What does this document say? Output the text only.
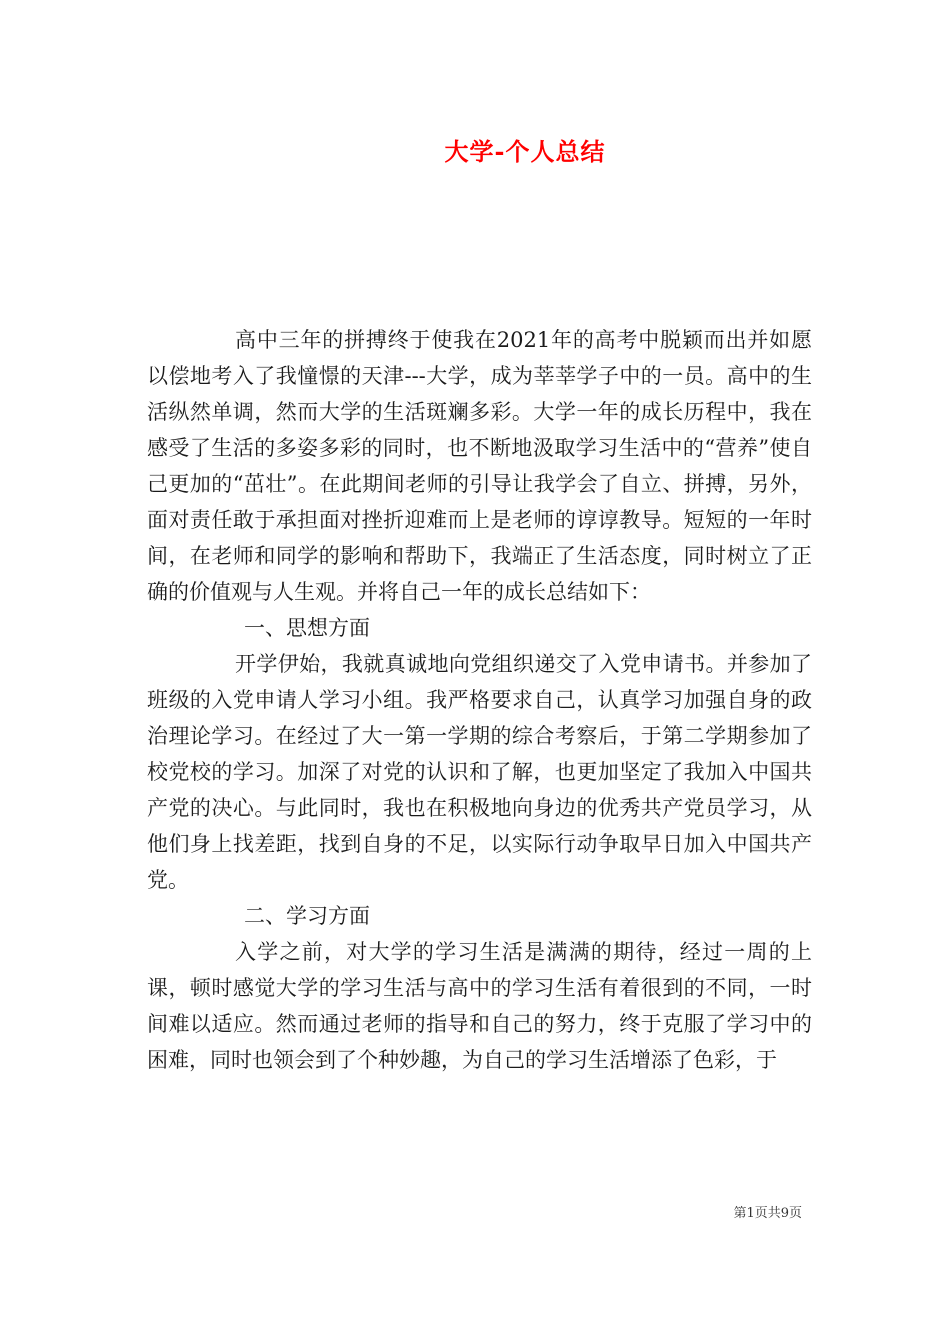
大学-个人总结

高中三年的拼搏终于使我在2021年的高考中脱颖而出并如愿以偿地考入了我憧憬的天津---大学，成为莘莘学子中的一员。高中的生活纵然单调，然而大学的生活斑斓多彩。大学一年的成长历程中，我在感受了生活的多姿多彩的同时，也不断地汲取学习生活中的“营养”使自己更加的“茁壮”。在此期间老师的引导让我学会了自立、拼搏，另外，面对责任敢于承担面对挫折迎难而上是老师的谆谆教导。短短的一年时间，在老师和同学的影响和帮助下，我端正了生活态度，同时树立了正确的价值观与人生观。并将自己一年的成长总结如下：

一、思想方面

开学伊始，我就真诚地向党组织递交了入党申请书。并参加了班级的入党申请人学习小组。我严格要求自己，认真学习加强自身的政治理论学习。在经过了大一第一学期的综合考察后，于第二学期参加了校党校的学习。加深了对党的认识和了解，也更加坚定了我加入中国共产党的决心。与此同时，我也在积极地向身边的优秀共产党员学习，从他们身上找差距，找到自身的不足，以实际行动争取早日加入中国共产党。

二、学习方面

入学之前，对大学的学习生活是满满的期待，经过一周的上课，顿时感觉大学的学习生活与高中的学习生活有着很到的不同，一时间难以适应。然而通过老师的指导和自己的努力，终于克服了学习中的困难，同时也领会到了个种妙趣，为自己的学习生活增添了色彩，于

第1页共9页
